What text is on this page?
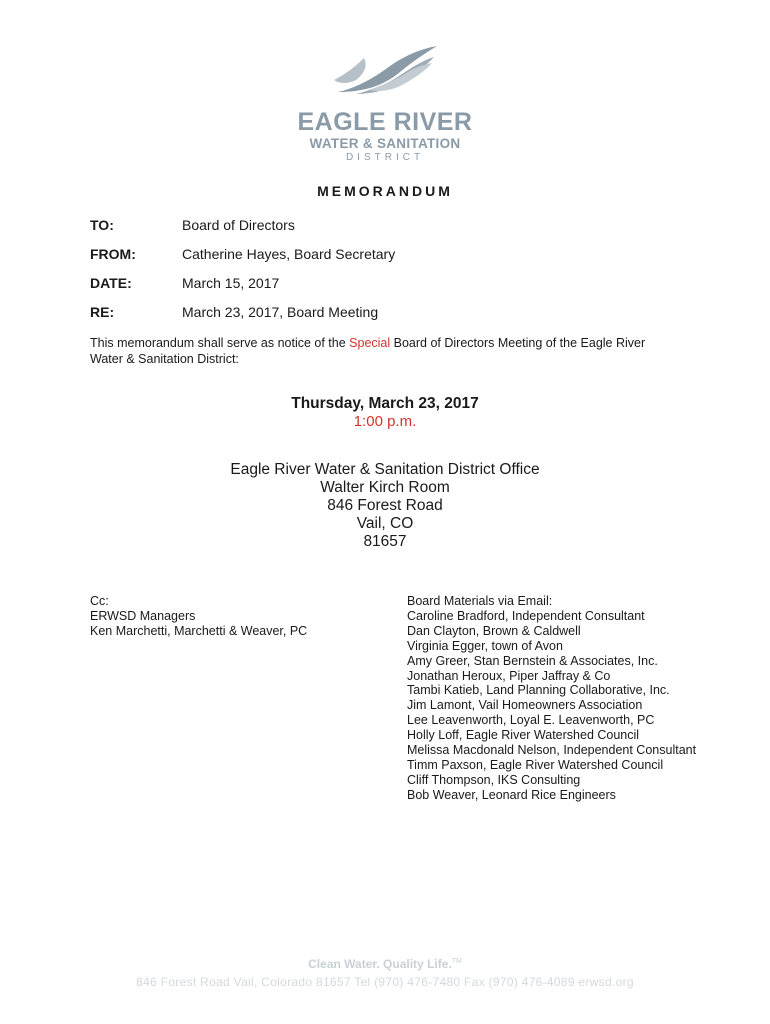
EAGLE RIVER
WATER & SANITATION
DISTRICT
MEMORANDUM
TO:	Board of Directors
FROM:	Catherine Hayes, Board Secretary
DATE:	March 15, 2017
RE:	March 23, 2017, Board Meeting
This memorandum shall serve as notice of the Special Board of Directors Meeting of the Eagle River Water & Sanitation District:
Thursday, March 23, 2017
1:00 p.m.
Eagle River Water & Sanitation District Office
Walter Kirch Room
846 Forest Road
Vail, CO
81657
Cc:
ERWSD Managers
Ken Marchetti, Marchetti & Weaver, PC
Board Materials via Email:
Caroline Bradford, Independent Consultant
Dan Clayton, Brown & Caldwell
Virginia Egger, town of Avon
Amy Greer, Stan Bernstein & Associates, Inc.
Jonathan Heroux, Piper Jaffray & Co
Tambi Katieb, Land Planning Collaborative, Inc.
Jim Lamont, Vail Homeowners Association
Lee Leavenworth, Loyal E. Leavenworth, PC
Holly Loff, Eagle River Watershed Council
Melissa Macdonald Nelson, Independent Consultant
Timm Paxson, Eagle River Watershed Council
Cliff Thompson, IKS Consulting
Bob Weaver, Leonard Rice Engineers
Clean Water. Quality Life.™
846 Forest Road Vail, Colorado 81657 Tel (970) 476-7480 Fax (970) 476-4089 erwsd.org
